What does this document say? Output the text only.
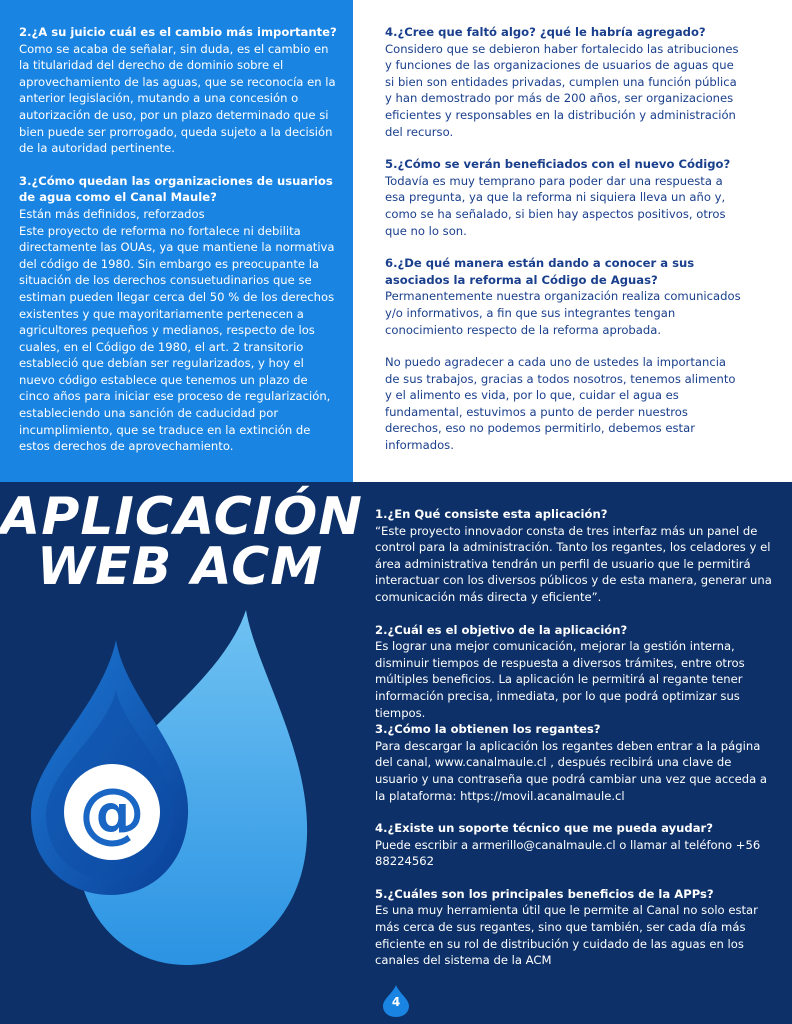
2.¿A su juicio cuál es el cambio más importante?
Como se acaba de señalar, sin duda, es el cambio en la titularidad del derecho de dominio sobre el aprovechamiento de las aguas, que se reconocía en la anterior legislación, mutando a una concesión o autorización de uso, por un plazo determinado que si bien puede ser prorrogado, queda sujeto a la decisión de la autoridad pertinente.
3.¿Cómo quedan las organizaciones de usuarios de agua como el Canal Maule?
Están más definidos, reforzados
Este proyecto de reforma no fortalece ni debilita directamente las OUAs, ya que mantiene la normativa del código de 1980. Sin embargo es preocupante la situación de los derechos consuetudinarios que se estiman pueden llegar cerca del 50 % de los derechos existentes y que mayoritariamente pertenecen a agricultores pequeños y medianos, respecto de los cuales, en el Código de 1980, el art. 2 transitorio estableció que debían ser regularizados, y hoy el nuevo código establece que tenemos un plazo de cinco años para iniciar ese proceso de regularización, estableciendo una sanción de caducidad por incumplimiento, que se traduce en la extinción de estos derechos de aprovechamiento.
4.¿Cree que faltó algo? ¿qué le habría agregado?
Considero que se debieron haber fortalecido las atribuciones y funciones de las organizaciones de usuarios de aguas que si bien son entidades privadas, cumplen una función pública y han demostrado por más de 200 años, ser organizaciones eficientes y responsables en la distribución y administración del recurso.
5.¿Cómo se verán beneficiados con el nuevo Código?
Todavía es muy temprano para poder dar una respuesta a esa pregunta, ya que la reforma ni siquiera lleva un año y, como se ha señalado, si bien hay aspectos positivos, otros que no lo son.
6.¿De qué manera están dando a conocer a sus asociados la reforma al Código de Aguas?
Permanentemente nuestra organización realiza comunicados y/o informativos, a fin que sus integrantes tengan conocimiento respecto de la reforma aprobada.
No puedo agradecer a cada uno de ustedes la importancia de sus trabajos, gracias a todos nosotros, tenemos alimento y el alimento es vida, por lo que, cuidar el agua es fundamental, estuvimos a punto de perder nuestros derechos, eso no podemos permitirlo, debemos estar informados.
1.¿En Qué consiste esta aplicación?
“Este proyecto innovador consta de tres interfaz más un panel de control para la administración. Tanto los regantes, los celadores y el área administrativa tendrán un perfil de usuario que le permitirá interactuar con los diversos públicos y de esta manera, generar una comunicación más directa y eficiente”.
2.¿Cuál es el objetivo de la aplicación?
Es lograr una mejor comunicación, mejorar la gestión interna, disminuir tiempos de respuesta a diversos trámites, entre otros múltiples beneficios. La aplicación le permitirá al regante tener información precisa, inmediata, por lo que podrá optimizar sus tiempos.
3.¿Cómo la obtienen los regantes?
Para descargar la aplicación los regantes deben entrar a la página del canal, www.canalmaule.cl , después recibirá una clave de usuario y una contraseña que podrá cambiar una vez que acceda a la plataforma: https://movil.acanalmaule.cl
4.¿Existe un soporte técnico que me pueda ayudar?
Puede escribir a armerillo@canalmaule.cl o llamar al teléfono +56 88224562
5.¿Cuáles son los principales beneficios de la APPs?
Es una muy herramienta útil que le permite al Canal no solo estar más cerca de sus regantes, sino que también, ser cada día más eficiente en su rol de distribución y cuidado de las aguas en los canales del sistema de la ACM
APLICACIÓN
WEB ACM
@
4
